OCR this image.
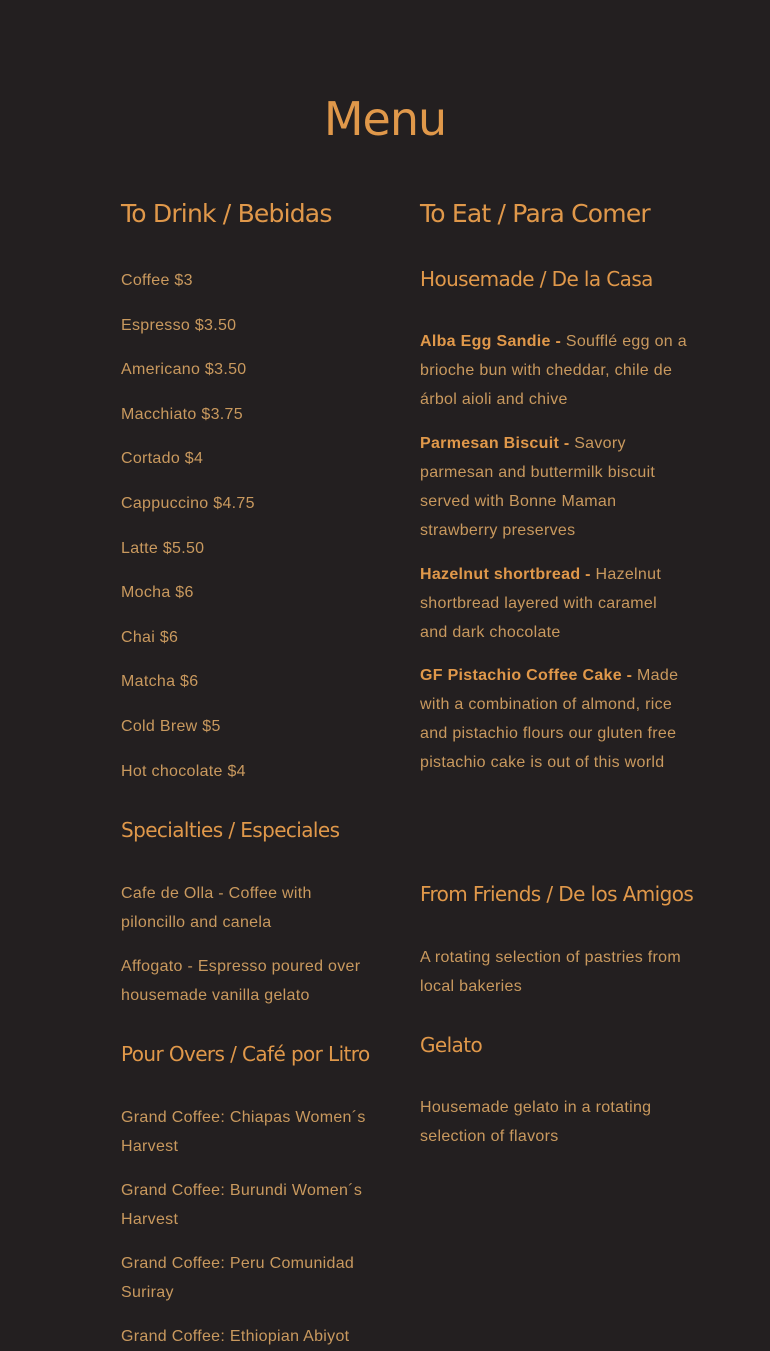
Menu
To Drink / Bebidas
Coffee $3
Espresso $3.50
Americano $3.50
Macchiato $3.75
Cortado $4
Cappuccino $4.75
Latte $5.50
Mocha $6
Chai $6
Matcha $6
Cold Brew $5
Hot chocolate $4
Specialties / Especiales
Cafe de Olla - Coffee with piloncillo and canela
Affogato - Espresso poured over housemade vanilla gelato
Pour Overs / Café por Litro
Grand Coffee: Chiapas Women´s Harvest
Grand Coffee: Burundi Women´s Harvest
Grand Coffee: Peru Comunidad Suriray
Grand Coffee: Ethiopian Abiyot
To Eat / Para Comer
Housemade / De la Casa
Alba Egg Sandie - Soufflé egg on a brioche bun with cheddar, chile de árbol aioli and chive
Parmesan Biscuit - Savory parmesan and buttermilk biscuit served with Bonne Maman strawberry preserves
Hazelnut shortbread - Hazelnut shortbread layered with caramel and dark chocolate
GF Pistachio Coffee Cake - Made with a combination of almond, rice and pistachio flours our gluten free pistachio cake is out of this world
From Friends / De los Amigos
A rotating selection of pastries from local bakeries
Gelato
Housemade gelato in a rotating selection of flavors
